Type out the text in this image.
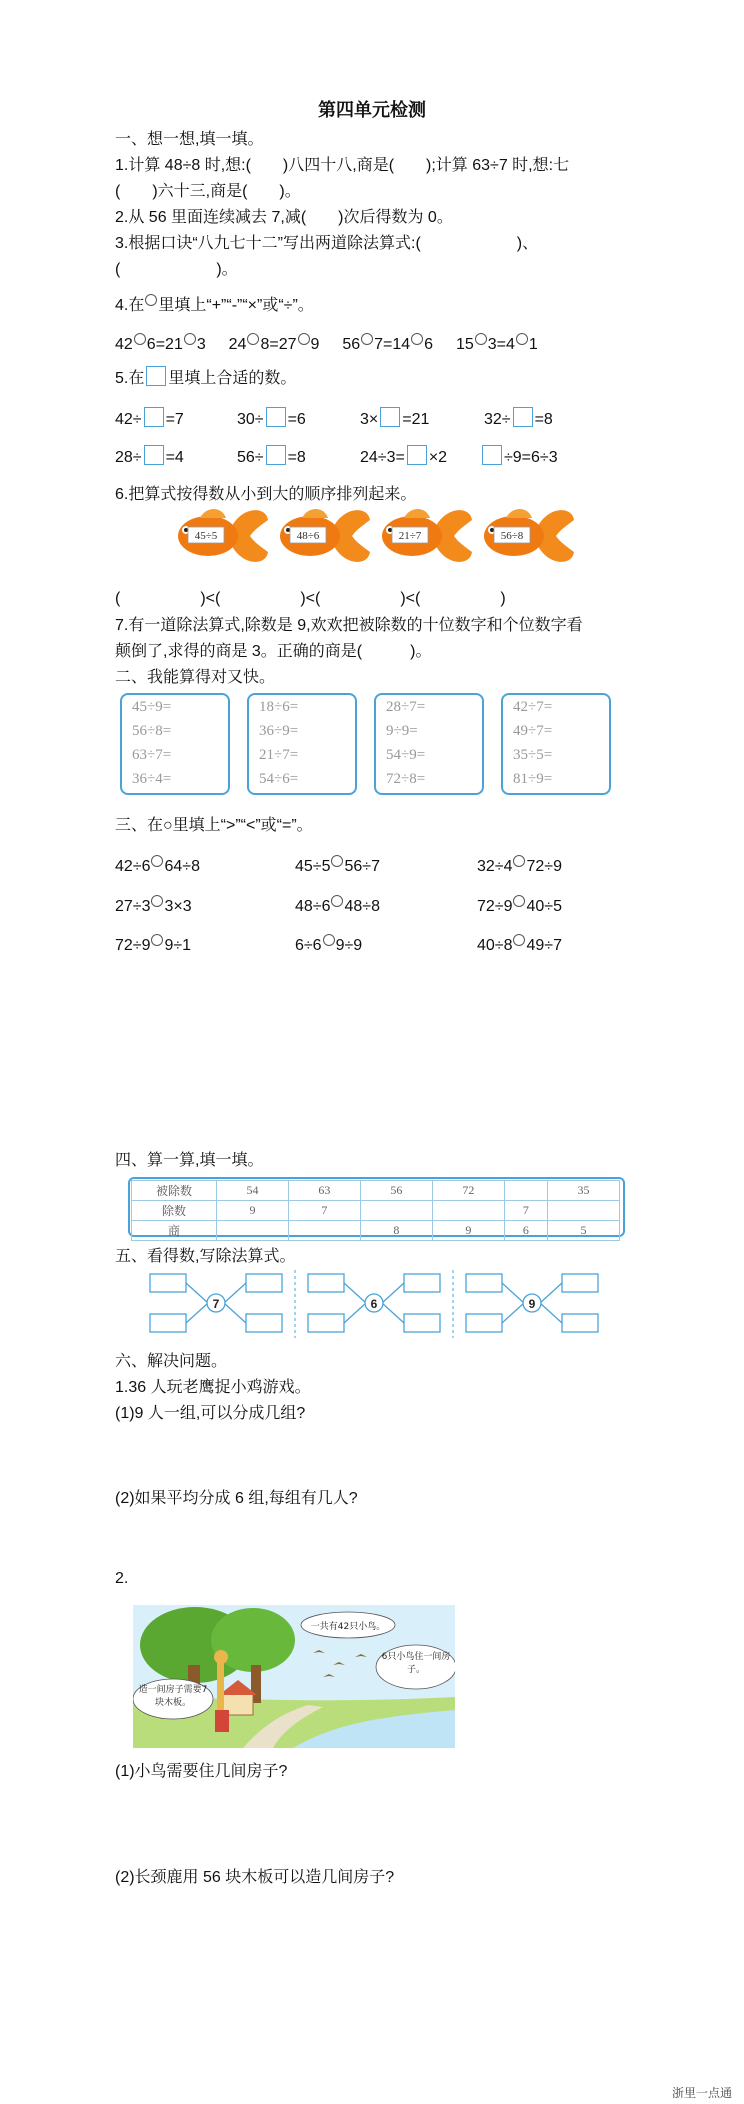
第四单元检测
一、想一想,填一填。
1.计算 48÷8 时,想:(　　)八四十八,商是(　　);计算 63÷7 时,想:七
(　　)六十三,商是(　　)。
2.从 56 里面连续减去 7,减(　　)次后得数为 0。
3.根据口诀“八九七十二”写出两道除法算式:(　　　　　　)、
(　　　　　　)。
4.在 里填上“+”“-”“×”或“÷”。
42 6=21 3 24 8=27 9 56 7=14 6 15 3=4 1
5.在 里填上合适的数。
42÷ =7	30÷ =6	3× =21	32÷ =8
28÷ =4	56÷ =8	24÷3= ×2	÷9=6÷3
6.把算式按得数从小到大的顺序排列起来。
45÷5	48÷6	21÷7	56÷8
(　　　　　)<(　　　　　)<(　　　　　)<(　　　　　)
7.有一道除法算式,除数是 9,欢欢把被除数的十位数字和个位数字看
颠倒了,求得的商是 3。正确的商是(　　　)。
二、我能算得对又快。
45÷9=
56÷8=
63÷7=
36÷4=
18÷6=
36÷9=
21÷7=
54÷6=
28÷7=
9÷9=
54÷9=
72÷8=
42÷7=
49÷7=
35÷5=
81÷9=
三、在○里填上“>”“<”或“=”。
42÷6 64÷8	45÷5 56÷7	32÷4 72÷9
27÷3 3×3	48÷6 48÷8	72÷9 40÷5
72÷9 9÷1	6÷6 9÷9	40÷8 49÷7
四、算一算,填一填。
被除数	54	63	56	72		35
除数	9	7			7	
商			8	9	6	5
五、看得数,写除法算式。
7	6	9
六、解决问题。
1.36 人玩老鹰捉小鸡游戏。
(1)9 人一组,可以分成几组?
(2)如果平均分成 6 组,每组有几人?
2.
一共有42只小鸟。
6只小鸟住一间房子。
造一间房子需要7块木板。
(1)小鸟需要住几间房子?
(2)长颈鹿用 56 块木板可以造几间房子?
浙里一点通
